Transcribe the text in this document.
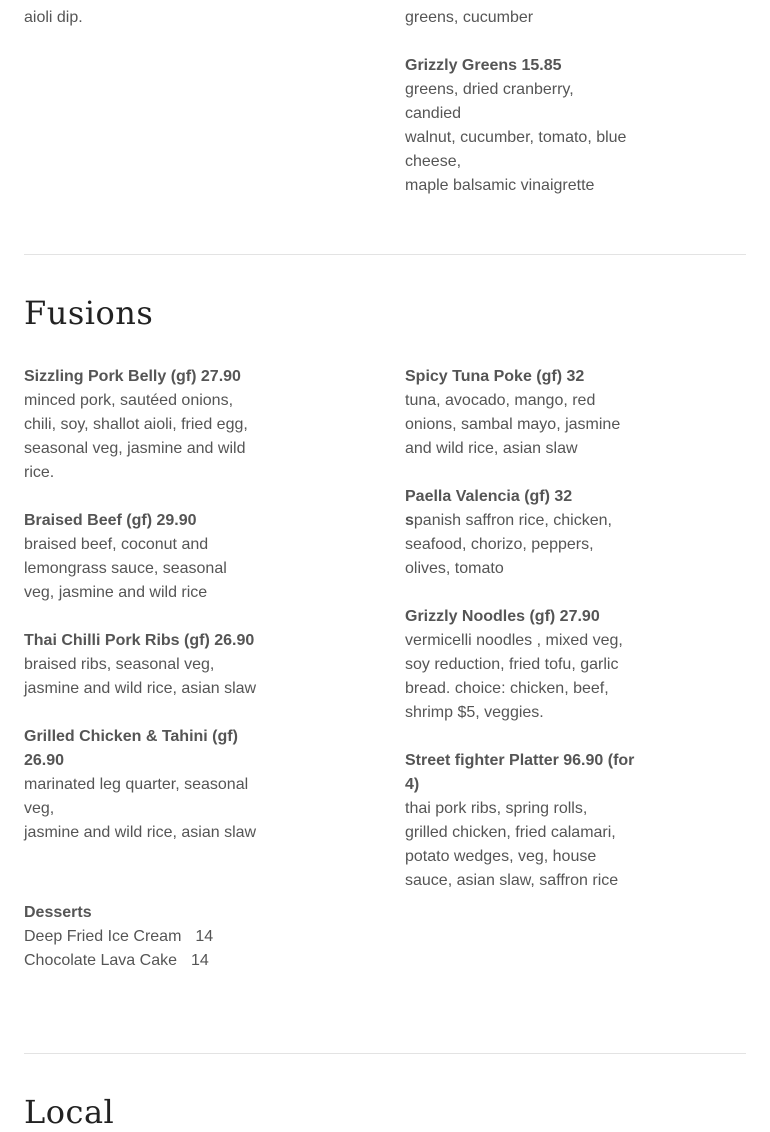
aioli dip.	greens, cucumber
Grizzly Greens 15.85
greens, dried cranberry,
candied
walnut, cucumber, tomato, blue
cheese,
maple balsamic vinaigrette
Fusions
Sizzling Pork Belly (gf) 27.90
minced pork, sautéed onions,
chili, soy, shallot aioli, fried egg,
seasonal veg, jasmine and wild
rice.
Braised Beef (gf) 29.90
braised beef, coconut and
lemongrass sauce, seasonal
veg, jasmine and wild rice
Thai Chilli Pork Ribs (gf) 26.90
braised ribs, seasonal veg,
jasmine and wild rice, asian slaw
Grilled Chicken & Tahini (gf)
26.90
marinated leg quarter, seasonal
veg,
jasmine and wild rice, asian slaw
Spicy Tuna Poke (gf) 32
tuna, avocado, mango, red
onions, sambal mayo, jasmine
and wild rice, asian slaw
Paella Valencia (gf) 32
spanish saffron rice, chicken,
seafood, chorizo, peppers,
olives, tomato
Grizzly Noodles (gf) 27.90
vermicelli noodles , mixed veg,
soy reduction, fried tofu, garlic
bread. choice: chicken, beef,
shrimp $5, veggies.
Street fighter Platter 96.90 (for
4)
thai pork ribs, spring rolls,
grilled chicken, fried calamari,
potato wedges, veg, house
sauce, asian slaw, saffron rice
Desserts
Deep Fried Ice Cream 14
Chocolate Lava Cake 14
Local
